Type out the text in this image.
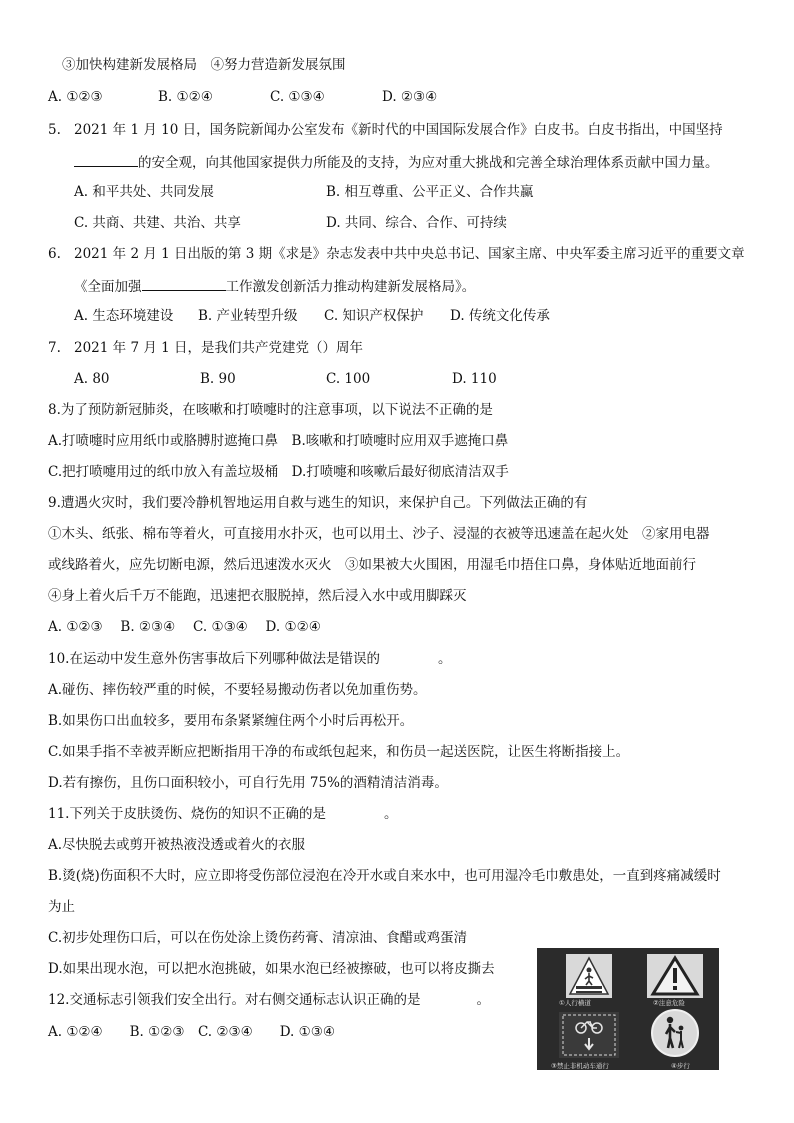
③加快构建新发展格局　④努力营造新发展氛围
A. ①②③	B. ①②④	C. ①③④	D. ②③④
5. 2021 年 1 月 10 日，国务院新闻办公室发布《新时代的中国国际发展合作》白皮书。白皮书指出，中国坚持
的安全观，向其他国家提供力所能及的支持，为应对重大挑战和完善全球治理体系贡献中国力量。
A. 和平共处、共同发展	B. 相互尊重、公平正义、合作共赢
C. 共商、共建、共治、共享	D. 共同、综合、合作、可持续
6. 2021 年 2 月 1 日出版的第 3 期《求是》杂志发表中共中央总书记、国家主席、中央军委主席习近平的重要文章
《全面加强	工作激发创新活力推动构建新发展格局》。
A. 生态环境建设 B. 产业转型升级 C. 知识产权保护 D. 传统文化传承
7. 2021 年 7 月 1 日，是我们共产党建党（）周年
A. 80	B. 90	C. 100	D. 110
8.为了预防新冠肺炎，在咳嗽和打喷嚏时的注意事项，以下说法不正确的是
A.打喷嚏时应用纸巾或胳膊肘遮掩口鼻　B.咳嗽和打喷嚏时应用双手遮掩口鼻
C.把打喷嚏用过的纸巾放入有盖垃圾桶　D.打喷嚏和咳嗽后最好彻底清洁双手
9.遭遇火灾时，我们要冷静机智地运用自救与逃生的知识，来保护自己。下列做法正确的有
①木头、纸张、棉布等着火，可直接用水扑灭，也可以用土、沙子、浸湿的衣被等迅速盖在起火处　②家用电器
或线路着火，应先切断电源，然后迅速泼水灭火　③如果被大火围困，用湿毛巾捂住口鼻，身体贴近地面前行
④身上着火后千万不能跑，迅速把衣服脱掉，然后浸入水中或用脚踩灭
A. ①②③　 B. ②③④　 C. ①③④　 D. ①②④
10.在运动中发生意外伤害事故后下列哪种做法是错误的	。
A.碰伤、摔伤较严重的时候，不要轻易搬动伤者以免加重伤势。
B.如果伤口出血较多，要用布条紧紧缠住两个小时后再松开。
C.如果手指不幸被弄断应把断指用干净的布或纸包起来，和伤员一起送医院，让医生将断指接上。
D.若有擦伤，且伤口面积较小，可自行先用 75%的酒精清洁消毒。
11.下列关于皮肤烫伤、烧伤的知识不正确的是	。
A.尽快脱去或剪开被热液没透或着火的衣服
B.烫(烧)伤面积不大时，应立即将受伤部位浸泡在冷开水或自来水中，也可用湿冷毛巾敷患处，一直到疼痛减缓时
为止
C.初步处理伤口后，可以在伤处涂上烫伤药膏、清凉油、食醋或鸡蛋清
D.如果出现水泡，可以把水泡挑破，如果水泡已经被擦破，也可以将皮撕去
12.交通标志引领我们安全出行。对右侧交通标志认识正确的是	。
A. ①②④　　B. ①②③　C. ②③④　　D. ①③④
①人行横道	②注意危险
③禁止非机动车通行	④步行
